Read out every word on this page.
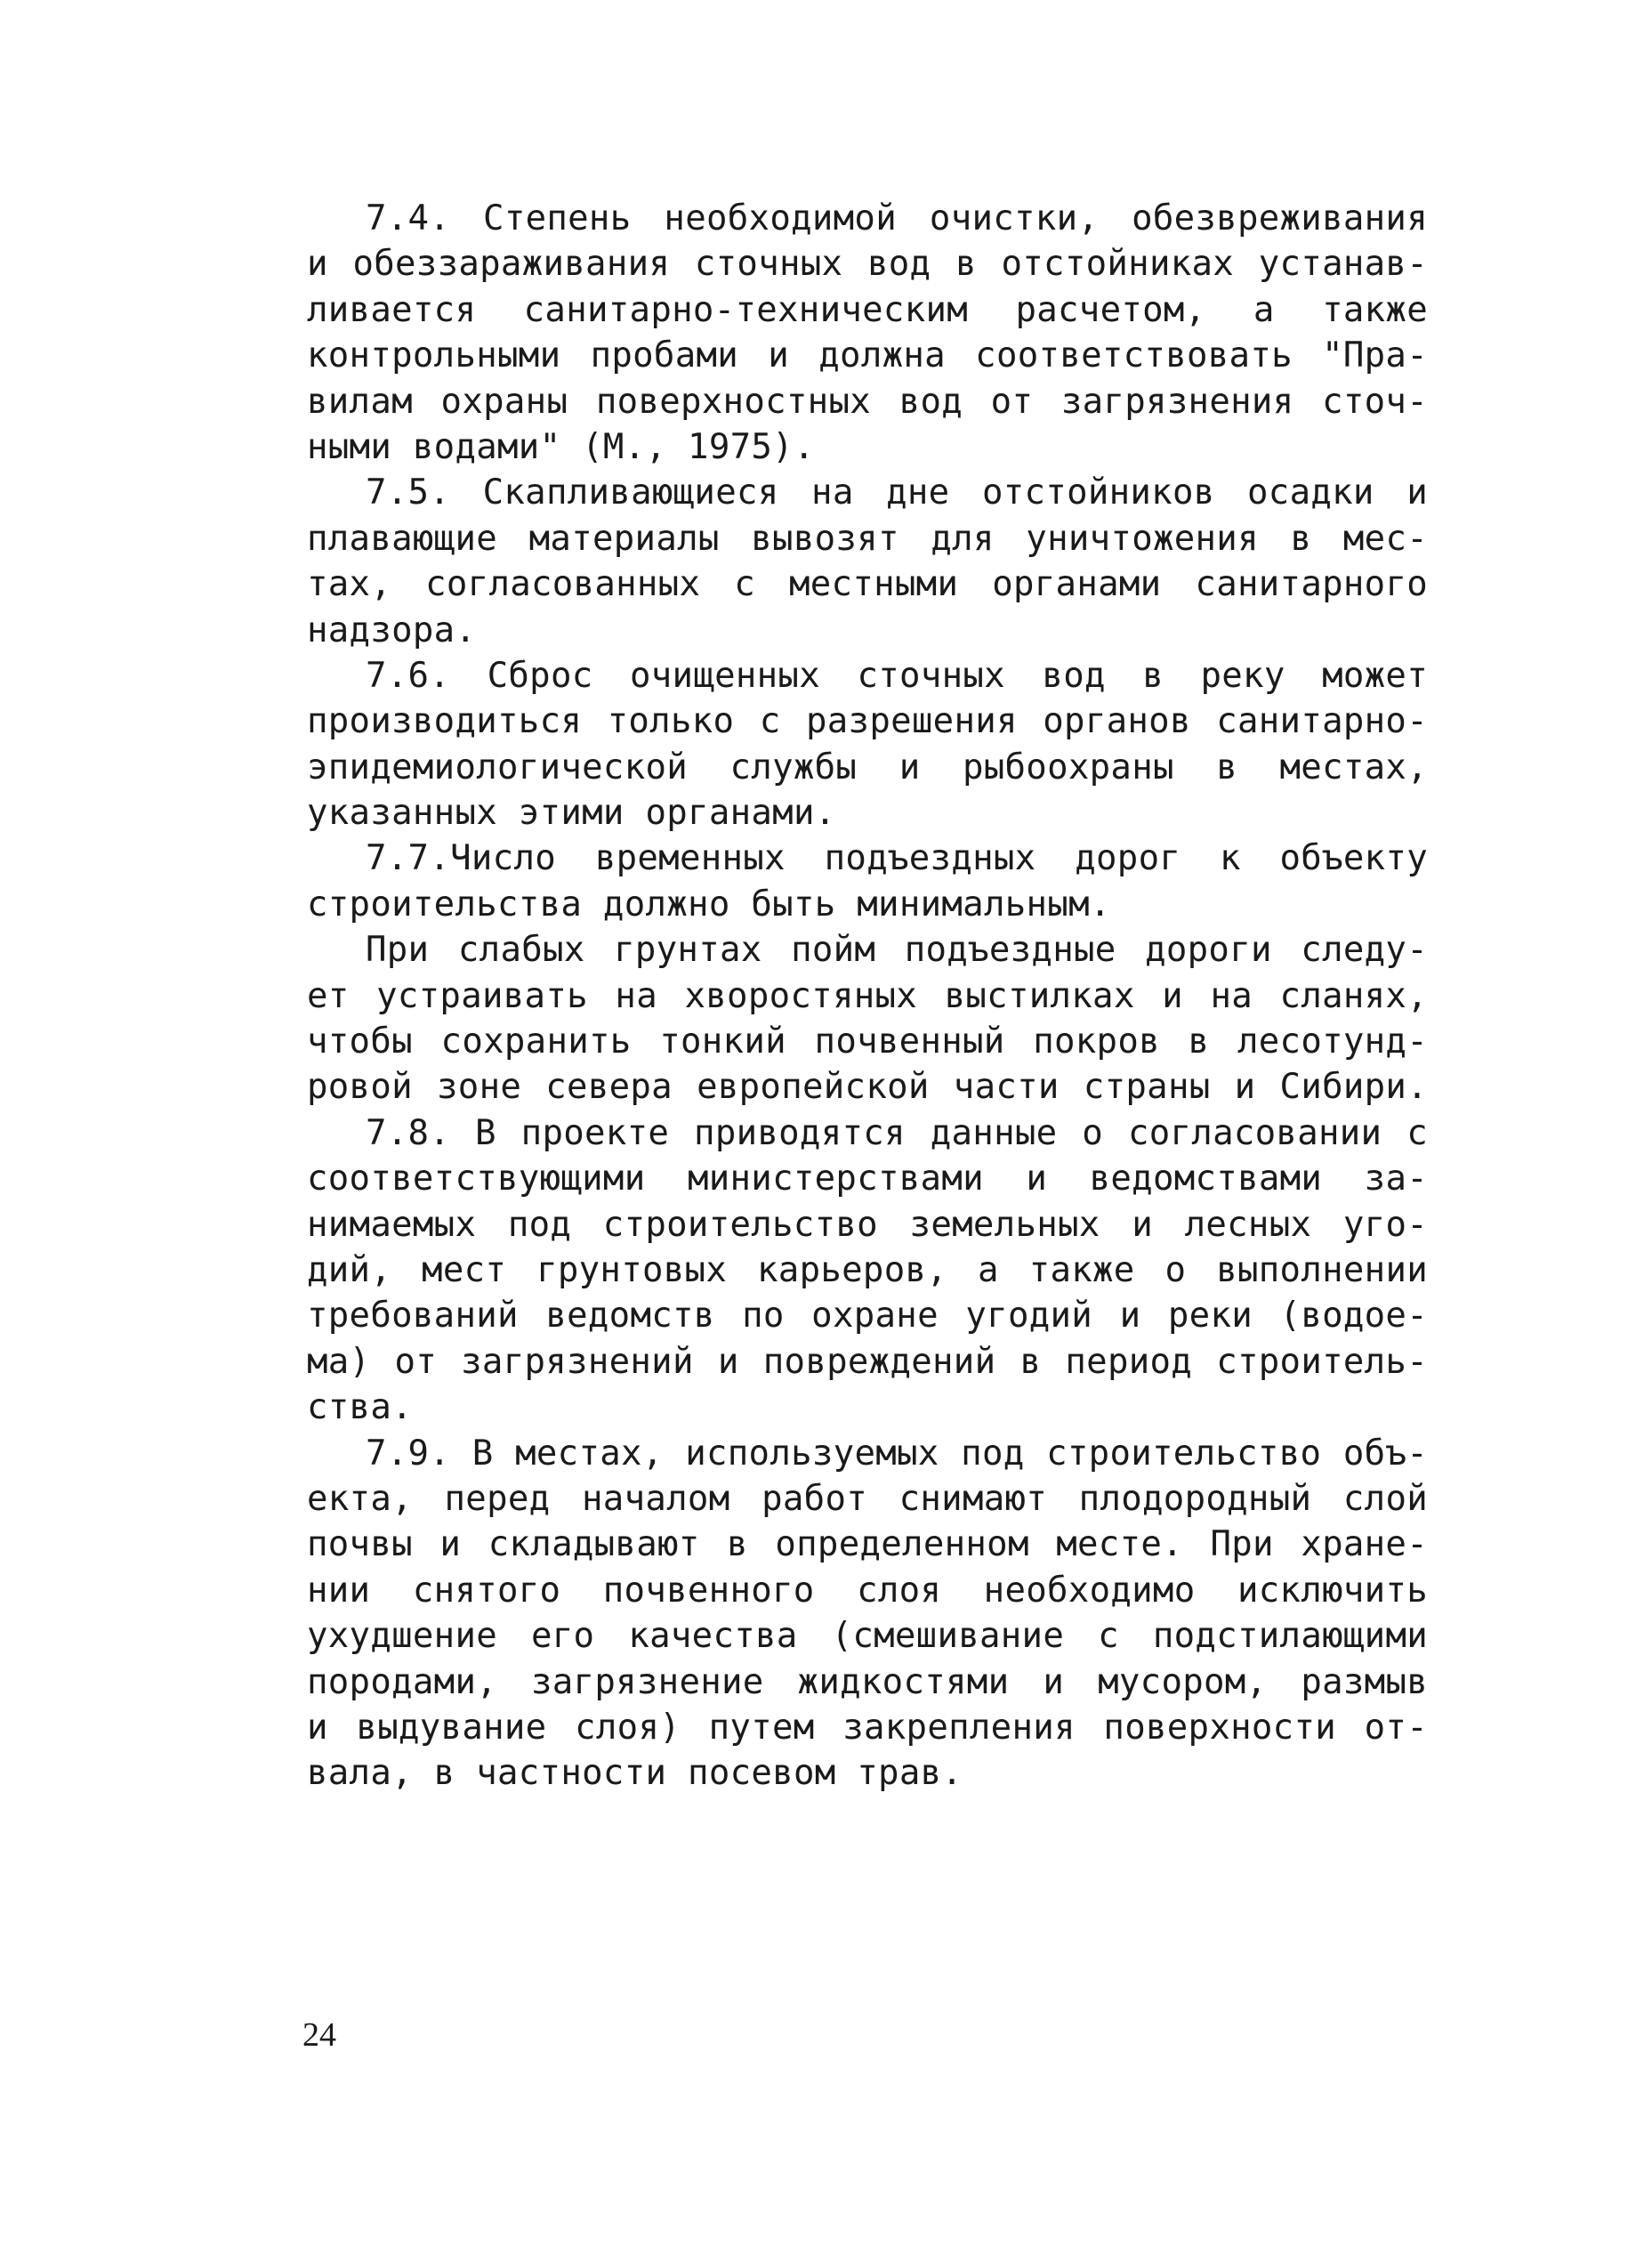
7.4. Степень необходимой очистки, обезвреживания
и обеззараживания сточных вод в отстойниках устанав-
ливается санитарно-техническим расчетом, а также
контрольными пробами и должна соответствовать "Пра-
вилам охраны поверхностных вод от загрязнения сточ-
ными водами" (М., 1975).
7.5. Скапливающиеся на дне отстойников осадки и
плавающие материалы вывозят для уничтожения в мес-
тах, согласованных с местными органами санитарного
надзора.
7.6. Сброс очищенных сточных вод в реку может
производиться только с разрешения органов санитарно-
эпидемиологической службы и рыбоохраны в местах,
указанных этими органами.
7.7.Число временных подъездных дорог к объекту
строительства должно быть минимальным.
При слабых грунтах пойм подъездные дороги следу-
ет устраивать на хворостяных выстилках и на сланях,
чтобы сохранить тонкий почвенный покров в лесотунд-
ровой зоне севера европейской части страны и Сибири.
7.8. В проекте приводятся данные о согласовании с
соответствующими министерствами и ведомствами за-
нимаемых под строительство земельных и лесных уго-
дий, мест грунтовых карьеров, а также о выполнении
требований ведомств по охране угодий и реки (водое-
ма) от загрязнений и повреждений в период строитель-
ства.
7.9. В местах, используемых под строительство объ-
екта, перед началом работ снимают плодородный слой
почвы и складывают в определенном месте. При хране-
нии снятого почвенного слоя необходимо исключить
ухудшение его качества (смешивание с подстилающими
породами, загрязнение жидкостями и мусором, размыв
и выдувание слоя) путем закрепления поверхности от-
вала, в частности посевом трав.
24
